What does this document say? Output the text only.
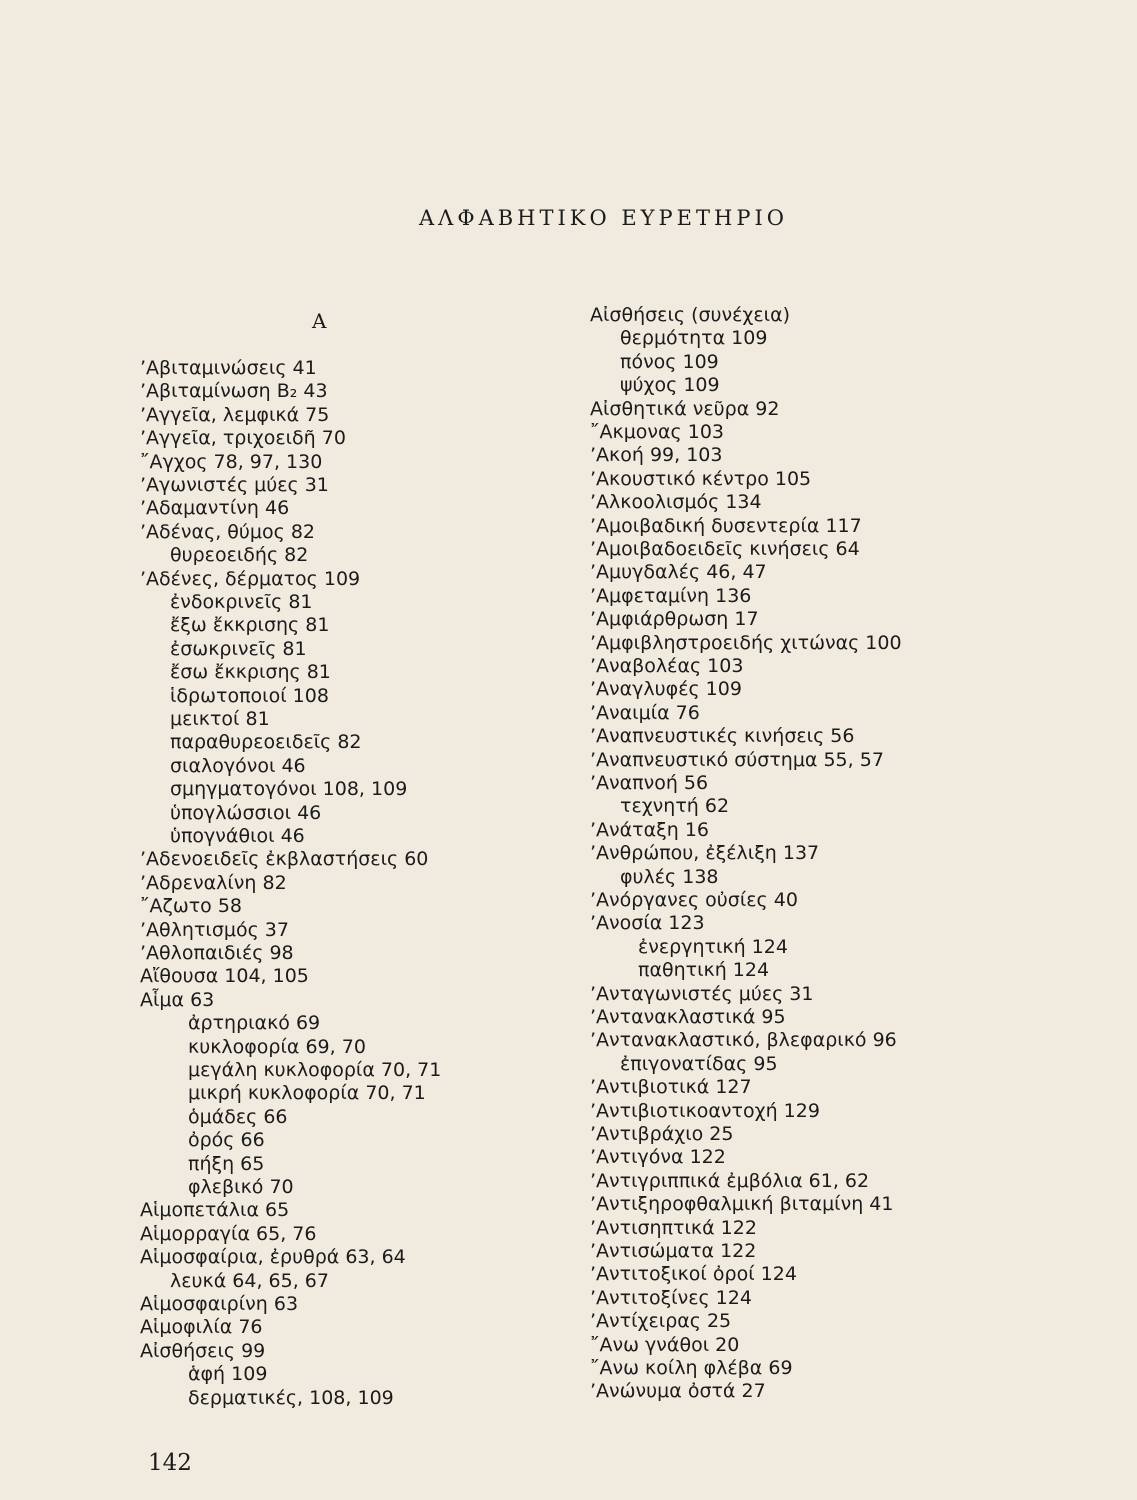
ΑΛΦΑΒΗΤΙΚΟ ΕΥΡΕΤΗΡΙΟ
Α
’Αβιταμινώσεις 41
’Αβιταμίνωση B₂ 43
’Αγγεῖα, λεμφικά 75
’Αγγεῖα, τριχοειδῆ 70
῎Αγχος 78, 97, 130
’Αγωνιστές μύες 31
’Αδαμαντίνη 46
’Αδένας, θύμος 82
θυρεοειδής 82
’Αδένες, δέρματος 109
ἐνδοκρινεῖς 81
ἔξω ἔκκρισης 81
ἐσωκρινεῖς 81
ἔσω ἔκκρισης 81
ἱδρωτοποιοί 108
μεικτοί 81
παραθυρεοειδεῖς 82
σιαλογόνοι 46
σμηγματογόνοι 108, 109
ὑπογλώσσιοι 46
ὑπογνάθιοι 46
’Αδενοειδεῖς ἐκβλαστήσεις 60
’Αδρεναλίνη 82
῎Αζωτο 58
’Αθλητισμός 37
’Αθλοπαιδιές 98
Αἴθουσα 104, 105
Αἷμα 63
ἀρτηριακό 69
κυκλοφορία 69, 70
μεγάλη κυκλοφορία 70, 71
μικρή κυκλοφορία 70, 71
ὁμάδες 66
ὀρός 66
πήξη 65
φλεβικό 70
Αἱμοπετάλια 65
Αἱμορραγία 65, 76
Αἱμοσφαίρια, ἐρυθρά 63, 64
λευκά 64, 65, 67
Αἱμοσφαιρίνη 63
Αἱμοφιλία 76
Αἰσθήσεις 99
ἁφή 109
δερματικές, 108, 109
Αἰσθήσεις (συνέχεια)
θερμότητα 109
πόνος 109
ψύχος 109
Αἰσθητικά νεῦρα 92
῎Ακμονας 103
’Ακοή 99, 103
’Ακουστικό κέντρο 105
’Αλκοολισμός 134
’Αμοιβαδική δυσεντερία 117
’Αμοιβαδοειδεῖς κινήσεις 64
’Αμυγδαλές 46, 47
’Αμφεταμίνη 136
’Αμφιάρθρωση 17
’Αμφιβληστροειδής χιτώνας 100
’Αναβολέας 103
’Αναγλυφές 109
’Αναιμία 76
’Αναπνευστικές κινήσεις 56
’Αναπνευστικό σύστημα 55, 57
’Αναπνοή 56
τεχνητή 62
’Ανάταξη 16
’Ανθρώπου, ἐξέλιξη 137
φυλές 138
’Ανόργανες οὐσίες 40
’Ανοσία 123
ἐνεργητική 124
παθητική 124
’Ανταγωνιστές μύες 31
’Αντανακλαστικά 95
’Αντανακλαστικό, βλεφαρικό 96
ἐπιγονατίδας 95
’Αντιβιοτικά 127
’Αντιβιοτικοαντοχή 129
’Αντιβράχιο 25
’Αντιγόνα 122
’Αντιγριππικά ἐμβόλια 61, 62
’Αντιξηροφθαλμική βιταμίνη 41
’Αντισηπτικά 122
’Αντισώματα 122
’Αντιτοξικοί ὀροί 124
’Αντιτοξίνες 124
’Αντίχειρας 25
῎Ανω γνάθοι 20
῎Ανω κοίλη φλέβα 69
’Ανώνυμα ὀστά 27
142
